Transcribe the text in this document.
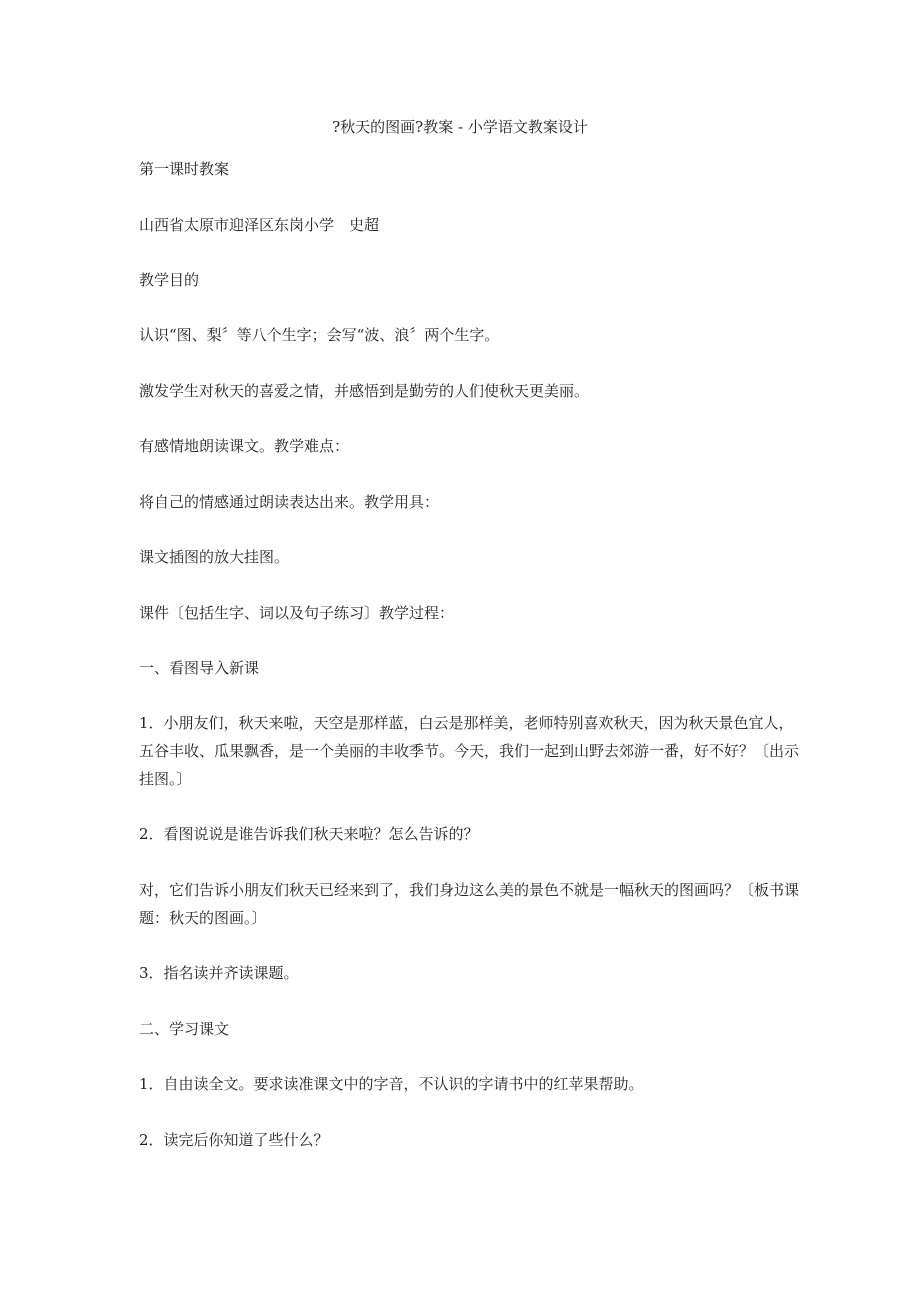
?秋天的图画?教案 - 小学语文教案设计

第一课时教案

山西省太原市迎泽区东岗小学　史超

教学目的

认识“图、梨〞等八个生字；会写“波、浪〞两个生字。

激发学生对秋天的喜爱之情，并感悟到是勤劳的人们使秋天更美丽。

有感情地朗读课文。教学难点：

将自己的情感通过朗读表达出来。教学用具：

课文插图的放大挂图。

课件〔包括生字、词以及句子练习〕教学过程：

一、看图导入新课

1．小朋友们，秋天来啦，天空是那样蓝，白云是那样美，老师特别喜欢秋天，因为秋天景色宜人，五谷丰收、瓜果飘香，是一个美丽的丰收季节。今天，我们一起到山野去郊游一番，好不好？〔出示挂图。〕

2．看图说说是谁告诉我们秋天来啦？怎么告诉的？

对，它们告诉小朋友们秋天已经来到了，我们身边这么美的景色不就是一幅秋天的图画吗？〔板书课题：秋天的图画。〕

3．指名读并齐读课题。

二、学习课文

1．自由读全文。要求读准课文中的字音，不认识的字请书中的红苹果帮助。

2．读完后你知道了些什么？
